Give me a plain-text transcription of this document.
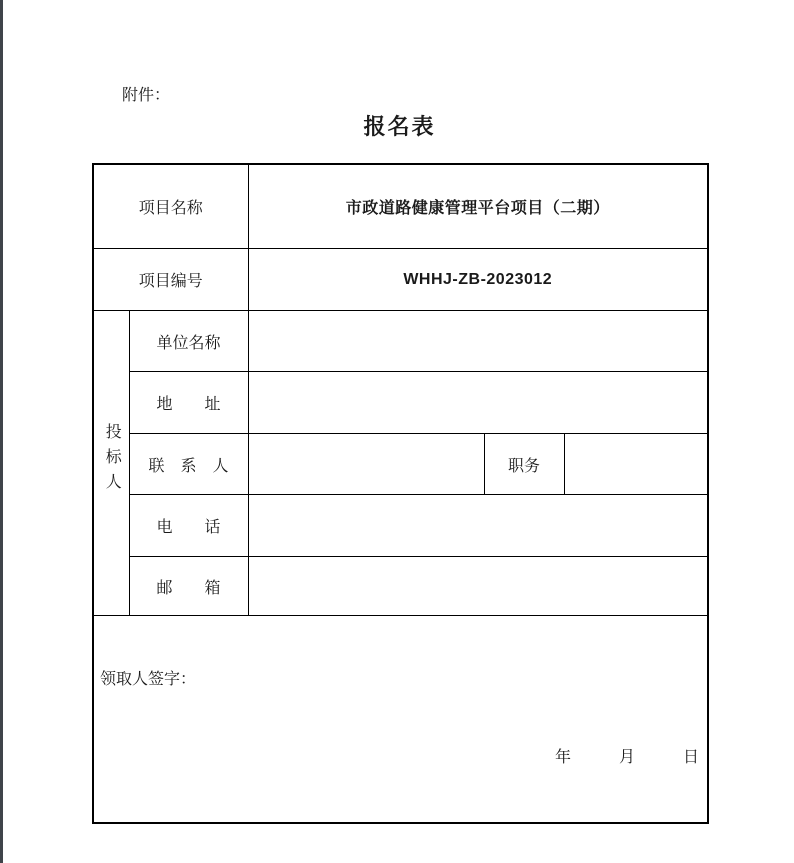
附件：
报名表
项目名称		市政道路健康管理平台项目（二期）		
项目编号		WHHJ-ZB-2023012		
投标人	单位名称			
	地　　址			
	联　系　人		职务	
	电　　话			
	邮　　箱			

领取人签字：
年 月 日				
